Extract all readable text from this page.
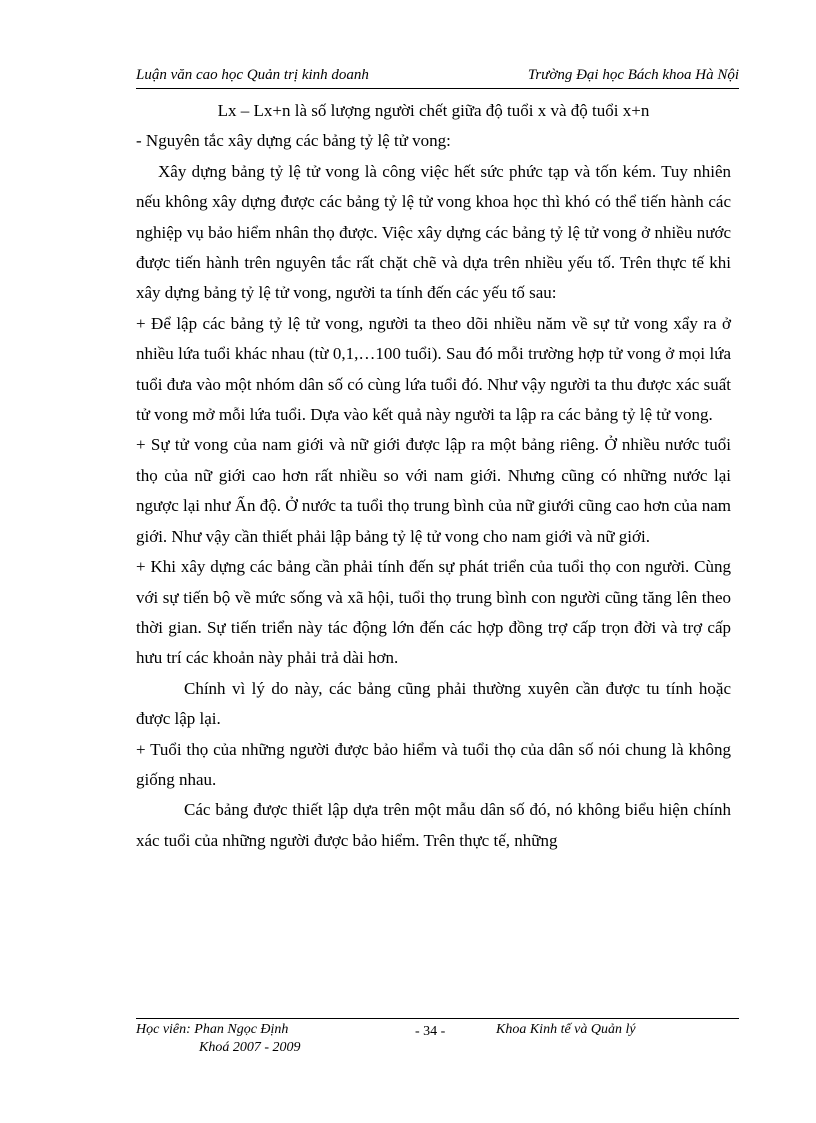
Luận văn cao học Quản trị kinh doanh	Trường Đại học Bách khoa Hà Nội

Lx – Lx+n là số lượng người chết giữa độ tuổi x và độ tuổi x+n

- Nguyên tắc xây dựng các bảng tỷ lệ tử vong:

Xây dựng bảng tỷ lệ tử vong là công việc hết sức phức tạp và tốn kém. Tuy nhiên nếu không xây dựng được các bảng tỷ lệ tử vong khoa học thì khó có thể tiến hành các nghiệp vụ bảo hiểm nhân thọ được. Việc xây dựng các bảng tỷ lệ tử vong ở nhiều nước được tiến hành trên nguyên tắc rất chặt chẽ và dựa trên nhiều yếu tố. Trên thực tế khi xây dựng bảng tỷ lệ tử vong, người ta tính đến các yếu tố sau:

+ Để lập các bảng tỷ lệ tử vong, người ta theo dõi nhiều năm về sự tử vong xẩy ra ở nhiều lứa tuổi khác nhau (từ 0,1,…100 tuổi). Sau đó mỗi trường hợp tử vong ở mọi lứa tuổi đưa vào một nhóm dân số có cùng lứa tuổi đó. Như vậy người ta thu được xác suất tử vong mở mỗi lứa tuổi. Dựa vào kết quả này người ta lập ra các bảng tỷ lệ tử vong.

+ Sự tử vong của nam giới và nữ giới được lập ra một bảng riêng. Ở nhiều nước tuổi thọ của nữ giới cao hơn rất nhiều so với nam giới. Nhưng cũng có những nước lại ngược lại như Ấn độ. Ở nước ta tuổi thọ trung bình của nữ giưới cũng cao hơn của nam giới. Như vậy cần thiết phải lập bảng tỷ lệ tử vong cho nam giới và nữ giới.

+ Khi xây dựng các bảng cần phải tính đến sự phát triển của tuổi thọ con người. Cùng với sự tiến bộ về mức sống và xã hội, tuổi thọ trung bình con người cũng tăng lên theo thời gian. Sự tiến triển này tác động lớn đến các hợp đồng trợ cấp trọn đời và trợ cấp hưu trí các khoản này phải trả dài hơn.

Chính vì lý do này, các bảng cũng phải thường xuyên cần được tu tính hoặc được lập lại.

+ Tuổi thọ của những người được bảo hiểm và tuổi thọ của dân số nói chung là không giống nhau.

Các bảng được thiết lập dựa trên một mẫu dân số đó, nó không biểu hiện chính xác tuổi của những người được bảo hiểm. Trên thực tế, những

Học viên: Phan Ngọc Định
Khoá 2007 - 2009
- 34 -	Khoa Kinh tế và Quản lý
